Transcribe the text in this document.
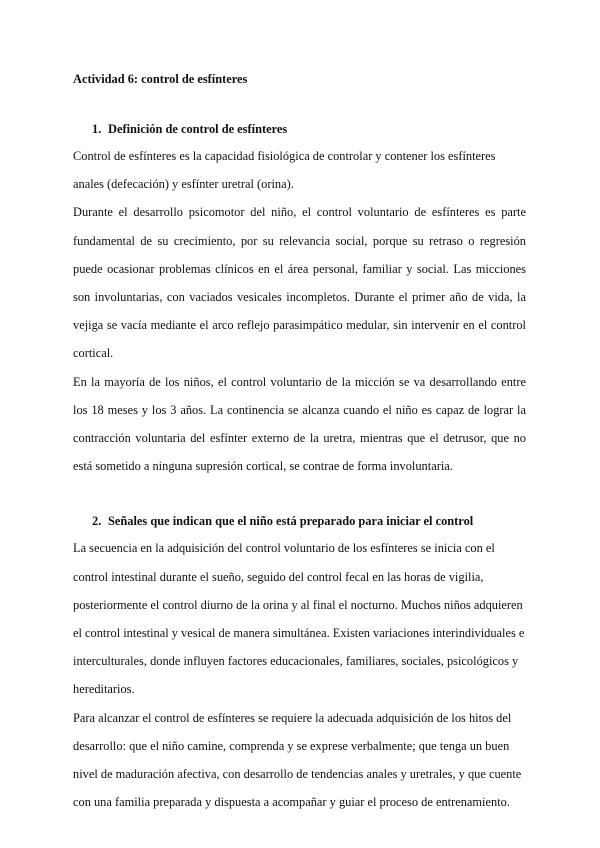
Actividad 6: control de esfínteres

1. Definición de control de esfínteres

Control de esfínteres es la capacidad fisiológica de controlar y contener los esfínteres anales (defecación) y esfínter uretral (orina).

Durante el desarrollo psicomotor del niño, el control voluntario de esfínteres es parte fundamental de su crecimiento, por su relevancia social, porque su retraso o regresión puede ocasionar problemas clínicos en el área personal, familiar y social. Las micciones son involuntarias, con vaciados vesicales incompletos. Durante el primer año de vida, la vejiga se vacía mediante el arco reflejo parasimpático medular, sin intervenir en el control cortical.

En la mayoría de los niños, el control voluntario de la micción se va desarrollando entre los 18 meses y los 3 años. La continencia se alcanza cuando el niño es capaz de lograr la contracción voluntaria del esfínter externo de la uretra, mientras que el detrusor, que no está sometido a ninguna supresión cortical, se contrae de forma involuntaria.

2. Señales que indican que el niño está preparado para iniciar el control

La secuencia en la adquisición del control voluntario de los esfínteres se inicia con el control intestinal durante el sueño, seguido del control fecal en las horas de vigilia, posteriormente el control diurno de la orina y al final el nocturno. Muchos niños adquieren el control intestinal y vesical de manera simultánea. Existen variaciones interindividuales e interculturales, donde influyen factores educacionales, familiares, sociales, psicológicos y hereditarios.

Para alcanzar el control de esfínteres se requiere la adecuada adquisición de los hitos del desarrollo: que el niño camine, comprenda y se exprese verbalmente; que tenga un buen nivel de maduración afectiva, con desarrollo de tendencias anales y uretrales, y que cuente con una familia preparada y dispuesta a acompañar y guiar el proceso de entrenamiento.
